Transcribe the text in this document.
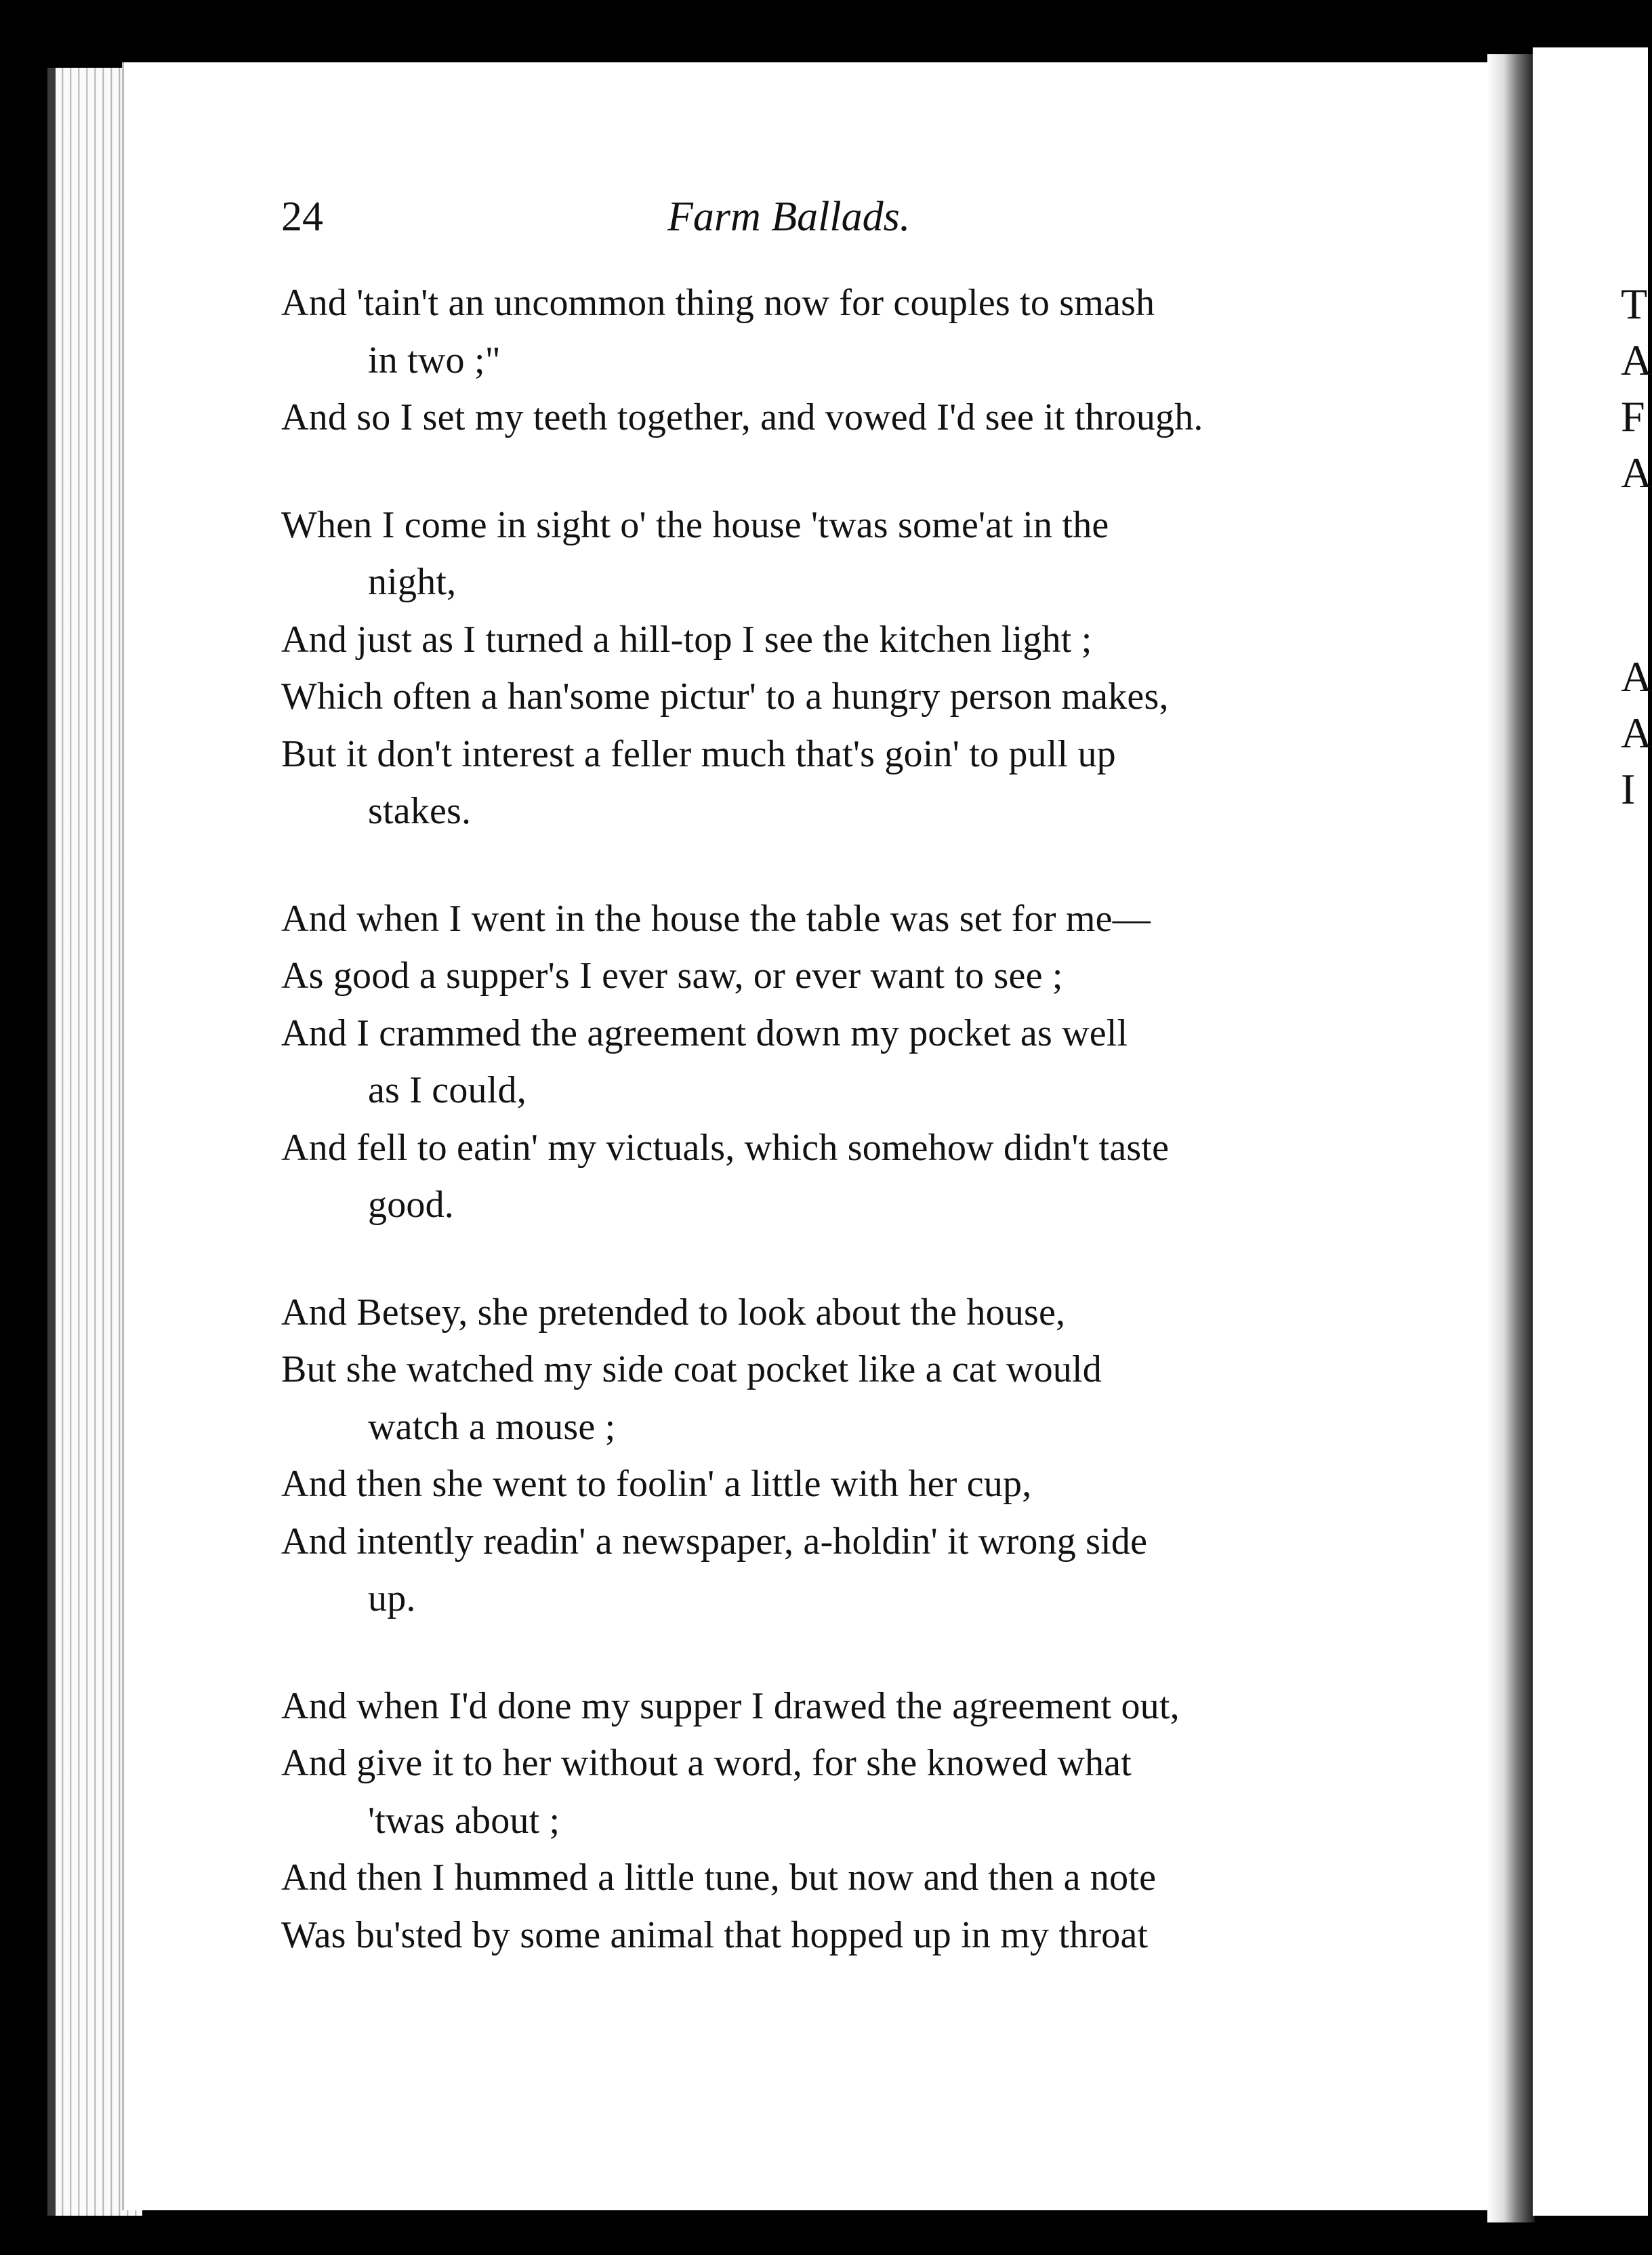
T
A
F
A
A
A
I
24	Farm Ballads.
And 'tain't an uncommon thing now for couples to smash
in two ;"
And so I set my teeth together, and vowed I'd see it through.
When I come in sight o' the house 'twas some'at in the
night,
And just as I turned a hill-top I see the kitchen light ;
Which often a han'some pictur' to a hungry person makes,
But it don't interest a feller much that's goin' to pull up
stakes.
And when I went in the house the table was set for me—
As good a supper's I ever saw, or ever want to see ;
And I crammed the agreement down my pocket as well
as I could,
And fell to eatin' my victuals, which somehow didn't taste
good.
And Betsey, she pretended to look about the house,
But she watched my side coat pocket like a cat would
watch a mouse ;
And then she went to foolin' a little with her cup,
And intently readin' a newspaper, a-holdin' it wrong side
up.
And when I'd done my supper I drawed the agreement out,
And give it to her without a word, for she knowed what
'twas about ;
And then I hummed a little tune, but now and then a note
Was bu'sted by some animal that hopped up in my throat
